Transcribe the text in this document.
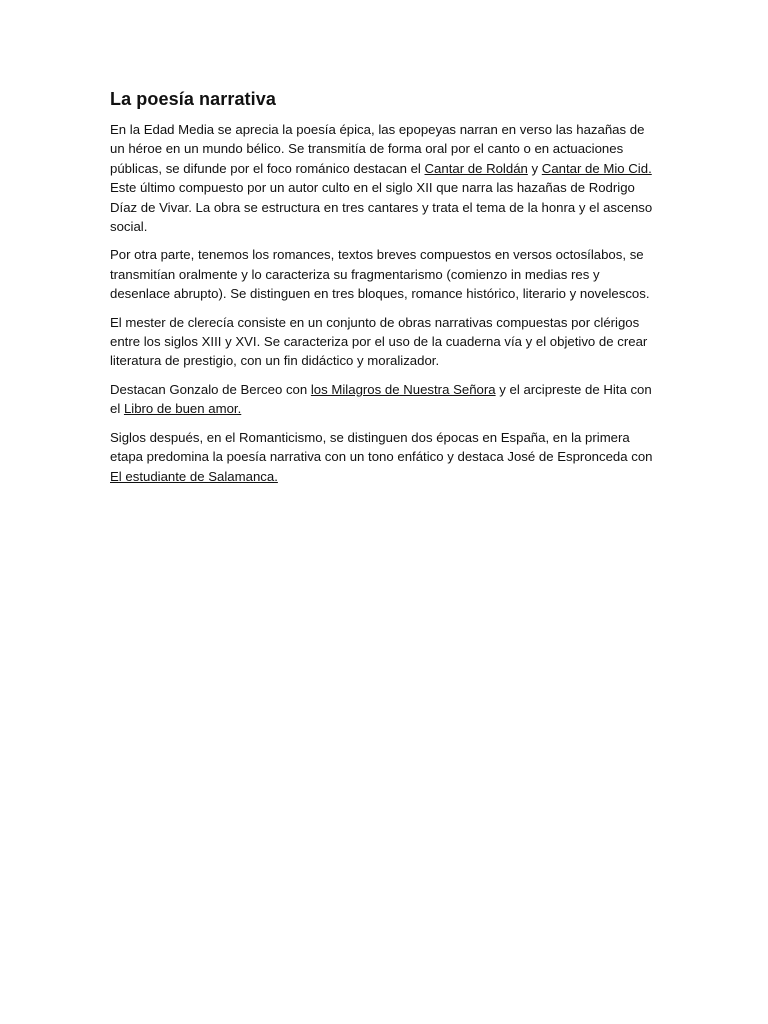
La poesía narrativa

En la Edad Media se aprecia la poesía épica, las epopeyas narran en verso las hazañas de un héroe en un mundo bélico. Se transmitía de forma oral por el canto o en actuaciones públicas, se difunde por el foco románico destacan el Cantar de Roldán y Cantar de Mio Cid. Este último compuesto por un autor culto en el siglo XII que narra las hazañas de Rodrigo Díaz de Vivar. La obra se estructura en tres cantares y trata el tema de la honra y el ascenso social.

Por otra parte, tenemos los romances, textos breves compuestos en versos octosílabos, se transmitían oralmente y lo caracteriza su fragmentarismo (comienzo in medias res y desenlace abrupto). Se distinguen en tres bloques, romance histórico, literario y novelescos.

El mester de clerecía consiste en un conjunto de obras narrativas compuestas por clérigos entre los siglos XIII y XVI. Se caracteriza por el uso de la cuaderna vía y el objetivo de crear literatura de prestigio, con un fin didáctico y moralizador.

Destacan Gonzalo de Berceo con los Milagros de Nuestra Señora y el arcipreste de Hita con el Libro de buen amor.

Siglos después, en el Romanticismo, se distinguen dos épocas en España, en la primera etapa predomina la poesía narrativa con un tono enfático y destaca José de Espronceda con El estudiante de Salamanca.
